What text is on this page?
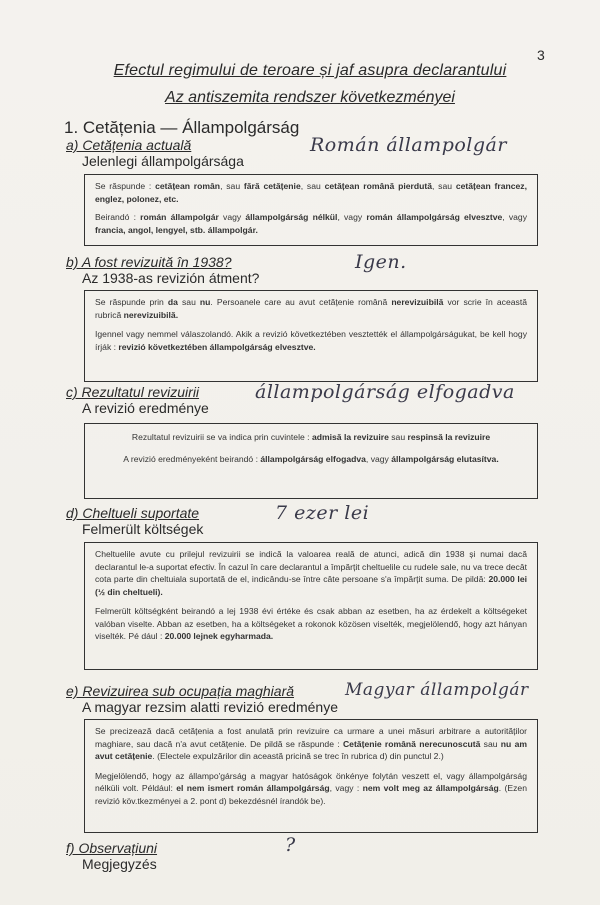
3
Efectul regimului de teroare și jaf asupra declarantului
Az antiszemita rendszer következményei
1. Cetățenia — Állampolgárság
a) Cetățenia actuală
Jelenlegi állampolgársága
Román állampolgár

Se răspunde : cetățean român, sau fără cetățenie, sau cetățean română pierdută, sau cetățean francez, englez, polonez, etc.

Beirandó : román állampolgár vagy állampolgárság nélkül, vagy román állampolgárság elvesztve, vagy francia, angol, lengyel, stb. állampolgár.

b) A fost revizuită în 1938?
Az 1938-as revizión átment?
Igen.

Se răspunde prin da sau nu. Persoanele care au avut cetățenie română nerevizuibilă vor scrie în această rubrică nerevizuibilă.

Igennel vagy nemmel válaszolandó. Akik a revizió következtében vesztették el állampolgárságukat, be kell hogy írják : revizió következtében állampolgárság elvesztve.

c) Rezultatul revizuirii
A revizió eredménye
állampolgárság elfogadva

Rezultatul revizuirii se va indica prin cuvintele : admisă la revizuire sau respinsă la revizuire

A revizió eredményeként beirandó : állampolgárság elfogadva, vagy állampolgárság elutasítva.

d) Cheltueli suportate
Felmerült költségek
7 ezer lei

Cheltuelile avute cu prilejul revizuirii se indică la valoarea reală de atunci, adică din 1938 și numai dacă declarantul le-a suportat efectiv. În cazul în care declarantul a împărțit cheltuelile cu rudele sale, nu va trece decât cota parte din cheltuiala suportată de el, indicându-se între câte persoane s'a împărțit suma. De pildă: 20.000 lei (½ din cheltueli).

Felmerült költségként beirandó a lej 1938 évi értéke és csak abban az esetben, ha az érdekelt a költségeket valóban viselte. Abban az esetben, ha a költségeket a rokonok közösen viselték, megjelölendő, hogy azt hányan viselték. Pé dául : 20.000 lejnek egyharmada.

e) Revizuirea sub ocupația maghiară
A magyar rezsim alatti revizió eredménye
Magyar állampolgár

Se precizează dacă cetățenia a fost anulată prin revizuire ca urmare a unei măsuri arbitrare a autorităților maghiare, sau dacă n'a avut cetățenie. De pildă se răspunde : Cetățenie română nerecunoscută sau nu am avut cetățenie. (Electele expulzărilor din această pricină se trec în rubrica d) din punctul 2.)

Megjelölendő, hogy az állampo'gárság a magyar hatóságok önkénye folytán veszett el, vagy állampolgárság nélküli volt. Például: el nem ismert román állampolgárság, vagy : nem volt meg az állampolgárság. (Ezen revizió köv.tkezményei a 2. pont d) bekezdésnél írandók be).

f) Observațiuni
Megjegyzés
?
